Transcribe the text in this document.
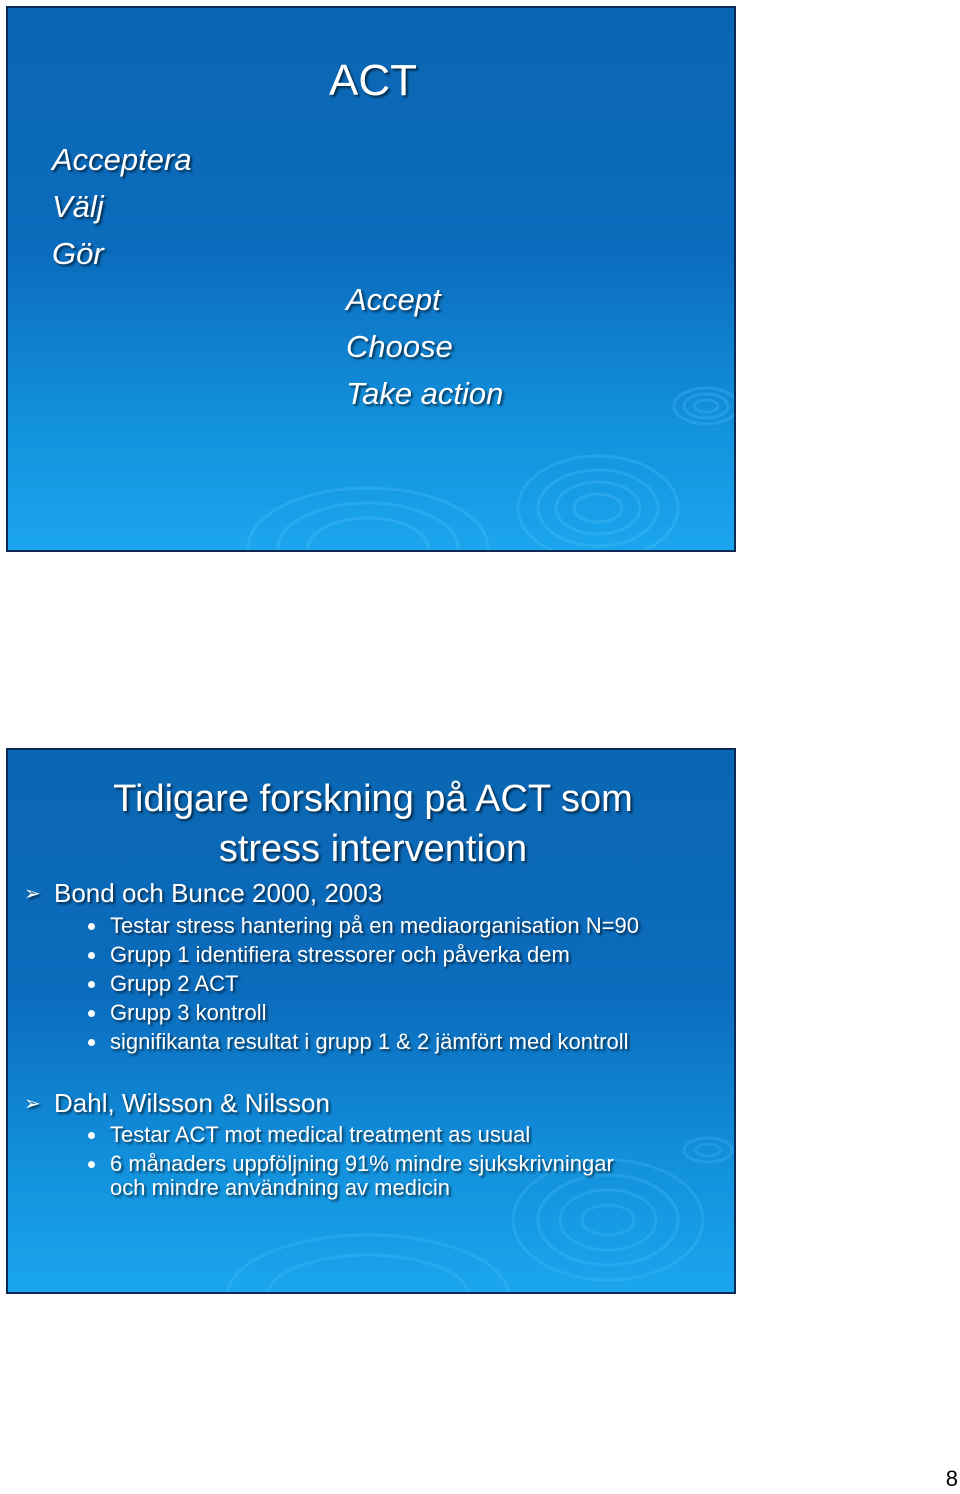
ACT
Acceptera
Välj
Gör
Accept
Choose
Take action
Tidigare forskning på ACT som
stress intervention
➢ Bond och Bunce 2000, 2003
Testar stress hantering på en mediaorganisation N=90
Grupp 1 identifiera stressorer och påverka dem
Grupp 2 ACT
Grupp 3 kontroll
signifikanta resultat i grupp 1 & 2 jämfört med kontroll
➢ Dahl, Wilsson & Nilsson
Testar ACT mot medical treatment as usual
6 månaders uppföljning 91% mindre sjukskrivningar
och mindre användning av medicin
8
